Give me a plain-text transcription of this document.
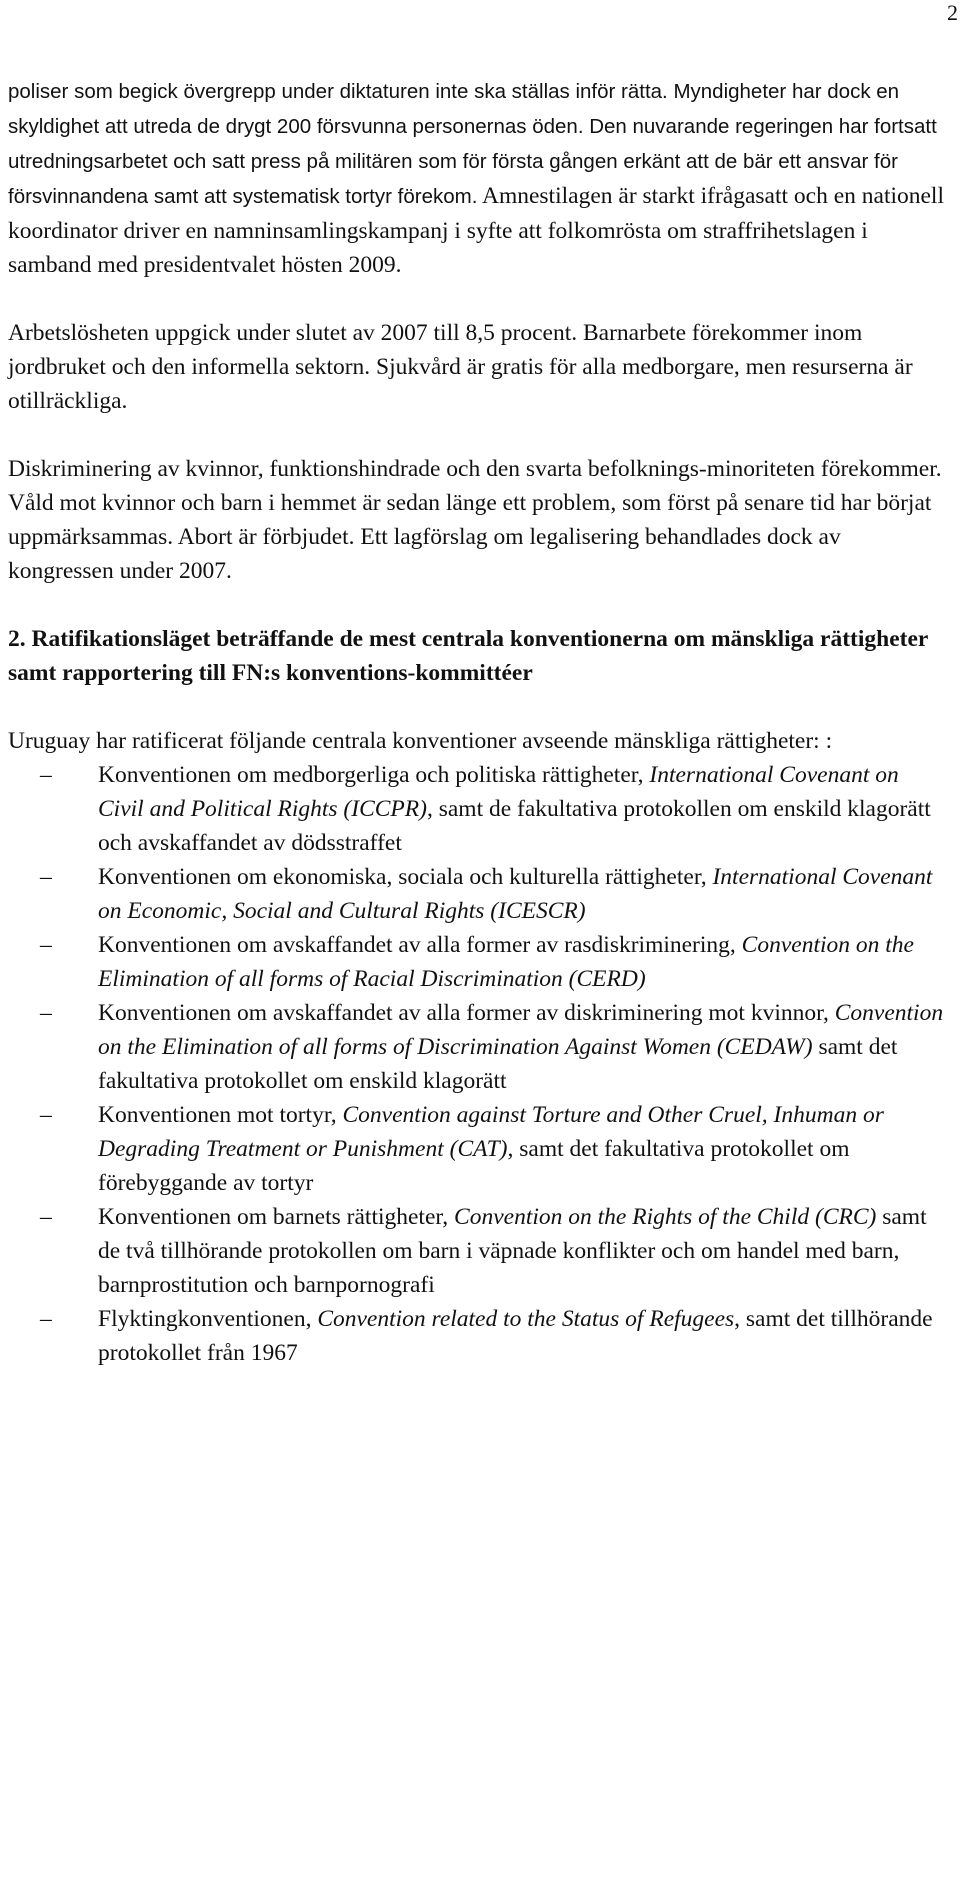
2

poliser som begick övergrepp under diktaturen inte ska ställas inför rätta. Myndigheter har dock en skyldighet att utreda de drygt 200 försvunna personernas öden. Den nuvarande regeringen har fortsatt utredningsarbetet och satt press på militären som för första gången erkänt att de bär ett ansvar för försvinnandena samt att systematisk tortyr förekom. Amnestilagen är starkt ifrågasatt och en nationell koordinator driver en namninsamlingskampanj i syfte att folkomrösta om straffrihetslagen i samband med presidentvalet hösten 2009.

Arbetslösheten uppgick under slutet av 2007 till 8,5 procent. Barnarbete förekommer inom jordbruket och den informella sektorn. Sjukvård är gratis för alla medborgare, men resurserna är otillräckliga.

Diskriminering av kvinnor, funktionshindrade och den svarta befolknings-minoriteten förekommer. Våld mot kvinnor och barn i hemmet är sedan länge ett problem, som först på senare tid har börjat uppmärksammas. Abort är förbjudet. Ett lagförslag om legalisering behandlades dock av kongressen under 2007.

2. Ratifikationsläget beträffande de mest centrala konventionerna om mänskliga rättigheter samt rapportering till FN:s konventions-kommittéer

Uruguay har ratificerat följande centrala konventioner avseende mänskliga rättigheter: :

– Konventionen om medborgerliga och politiska rättigheter, International Covenant on Civil and Political Rights (ICCPR), samt de fakultativa protokollen om enskild klagorätt och avskaffandet av dödsstraffet
– Konventionen om ekonomiska, sociala och kulturella rättigheter, International Covenant on Economic, Social and Cultural Rights (ICESCR)
– Konventionen om avskaffandet av alla former av rasdiskriminering, Convention on the Elimination of all forms of Racial Discrimination (CERD)
– Konventionen om avskaffandet av alla former av diskriminering mot kvinnor, Convention on the Elimination of all forms of Discrimination Against Women (CEDAW) samt det fakultativa protokollet om enskild klagorätt
– Konventionen mot tortyr, Convention against Torture and Other Cruel, Inhuman or Degrading Treatment or Punishment (CAT), samt det fakultativa protokollet om förebyggande av tortyr
– Konventionen om barnets rättigheter, Convention on the Rights of the Child (CRC) samt de två tillhörande protokollen om barn i väpnade konflikter och om handel med barn, barnprostitution och barnpornografi
– Flyktingkonventionen, Convention related to the Status of Refugees, samt det tillhörande protokollet från 1967
